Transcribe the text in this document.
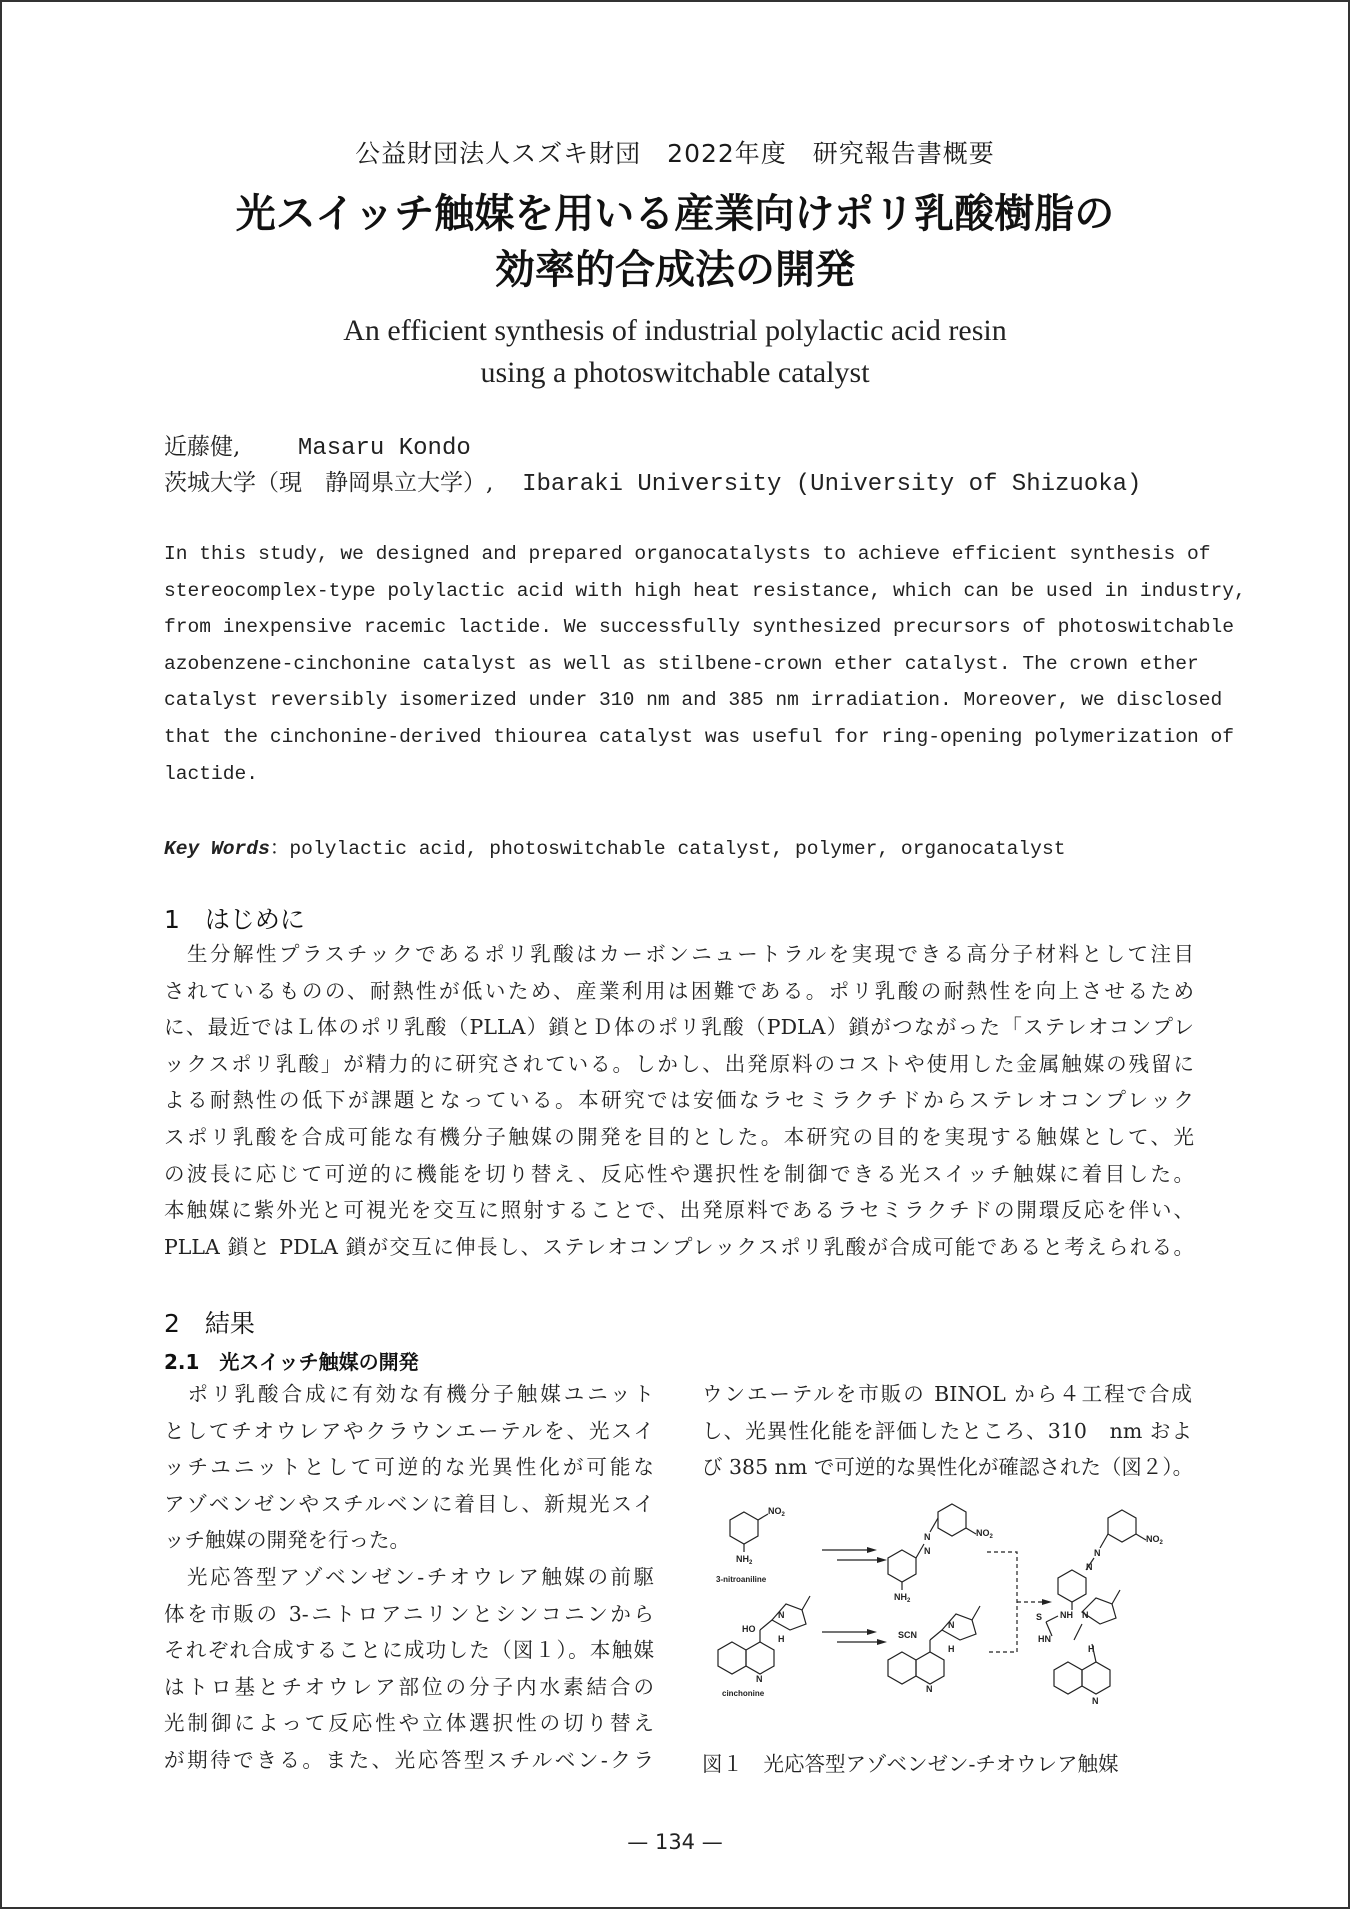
公益財団法人スズキ財団　2022年度　研究報告書概要
光スイッチ触媒を用いる産業向けポリ乳酸樹脂の
効率的合成法の開発
An efficient synthesis of industrial polylactic acid resin
using a photoswitchable catalyst
近藤健, Masaru Kondo
茨城大学（現　静岡県立大学）, Ibaraki University (University of Shizuoka)
In this study, we designed and prepared organocatalysts to achieve efficient synthesis of
stereocomplex-type polylactic acid with high heat resistance, which can be used in industry,
from inexpensive racemic lactide. We successfully synthesized precursors of photoswitchable
azobenzene-cinchonine catalyst as well as stilbene-crown ether catalyst. The crown ether
catalyst reversibly isomerized under 310 nm and 385 nm irradiation. Moreover, we disclosed
that the cinchonine-derived thiourea catalyst was useful for ring-opening polymerization of
lactide.
Key Words：polylactic acid, photoswitchable catalyst, polymer, organocatalyst
1　はじめに
　生分解性プラスチックであるポリ乳酸はカーボンニュートラルを実現できる高分子材料として注目
されているものの、耐熱性が低いため、産業利用は困難である。ポリ乳酸の耐熱性を向上させるため
に、最近ではＬ体のポリ乳酸（PLLA）鎖とＤ体のポリ乳酸（PDLA）鎖がつながった「ステレオコンプレ
ックスポリ乳酸」が精力的に研究されている。しかし、出発原料のコストや使用した金属触媒の残留に
よる耐熱性の低下が課題となっている。本研究では安価なラセミラクチドからステレオコンプレック
スポリ乳酸を合成可能な有機分子触媒の開発を目的とした。本研究の目的を実現する触媒として、光
の波長に応じて可逆的に機能を切り替え、反応性や選択性を制御できる光スイッチ触媒に着目した。
本触媒に紫外光と可視光を交互に照射することで、出発原料であるラセミラクチドの開環反応を伴い、
PLLA 鎖と PDLA 鎖が交互に伸長し、ステレオコンプレックスポリ乳酸が合成可能であると考えられる。
2　結果
2.1　光スイッチ触媒の開発
　ポリ乳酸合成に有効な有機分子触媒ユニット
としてチオウレアやクラウンエーテルを、光スイ
ッチユニットとして可逆的な光異性化が可能な
アゾベンゼンやスチルベンに着目し、新規光スイ
ッチ触媒の開発を行った。
　光応答型アゾベンゼン-チオウレア触媒の前駆
体を市販の 3-ニトロアニリンとシンコニンから
それぞれ合成することに成功した（図１）。本触媒
はトロ基とチオウレア部位の分子内水素結合の
光制御によって反応性や立体選択性の切り替え
が期待できる。また、光応答型スチルベン-クラ
ウンエーテルを市販の BINOL から４工程で合成
し、光異性化能を評価したところ、310　nm およ
び 385 nm で可逆的な異性化が確認された（図２）。
$NO_2$
$NH_2$
3-nitroaniline
$NH_2$
$NO_2$
N
N
HO
N
H
N
cinchonine
SCN
N
H
N
$NO_2$
N
N
S NH
HN
N
H
N
図１　光応答型アゾベンゼン-チオウレア触媒
— 134 —
